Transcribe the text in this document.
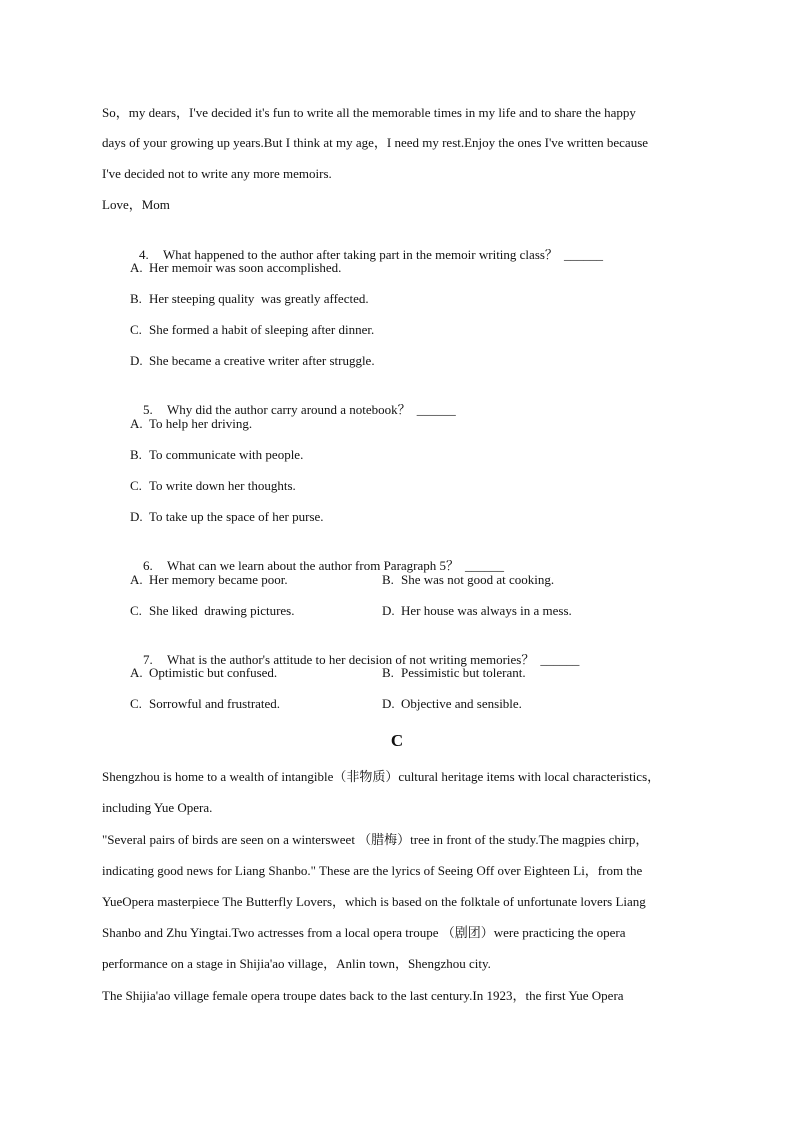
So，my dears，I've decided it's fun to write all the memorable times in my life and to share the happy
days of your growing up years.But I think at my age，I need my rest.Enjoy the ones I've written because
I've decided not to write any more memoirs.
Love，Mom

4. What happened to the author after taking part in the memoir writing class？ ______

A. Her memoir was soon accomplished.
B. Her steeping quality  was greatly affected.
C. She formed a habit of sleeping after dinner.
D. She became a creative writer after struggle.

5. Why did the author carry around a notebook？ ______

A. To help her driving.
B. To communicate with people.
C. To write down her thoughts.
D. To take up the space of her purse.

6. What can we learn about the author from Paragraph 5？ ______

A. Her memory became poor.	B. She was not good at cooking.
C. She liked  drawing pictures.	D. Her house was always in a mess.

7. What is the author's attitude to her decision of not writing memories？ ______

A. Optimistic but confused.	B. Pessimistic but tolerant.
C. Sorrowful and frustrated.	D. Objective and sensible.
C
Shengzhou is home to a wealth of intangible（非物质）cultural heritage items with local characteristics，
including Yue Opera.
"Several pairs of birds are seen on a wintersweet （腊梅）tree in front of the study.The magpies chirp，
indicating good news for Liang Shanbo." These are the lyrics of Seeing Off over Eighteen Li，from the
YueOpera masterpiece The Butterfly Lovers，which is based on the folktale of unfortunate lovers Liang
Shanbo and Zhu Yingtai.Two actresses from a local opera troupe （剧团）were practicing the opera
performance on a stage in Shijia'ao village，Anlin town，Shengzhou city.
The Shijia'ao village female opera troupe dates back to the last century.In 1923，the first Yue Opera
